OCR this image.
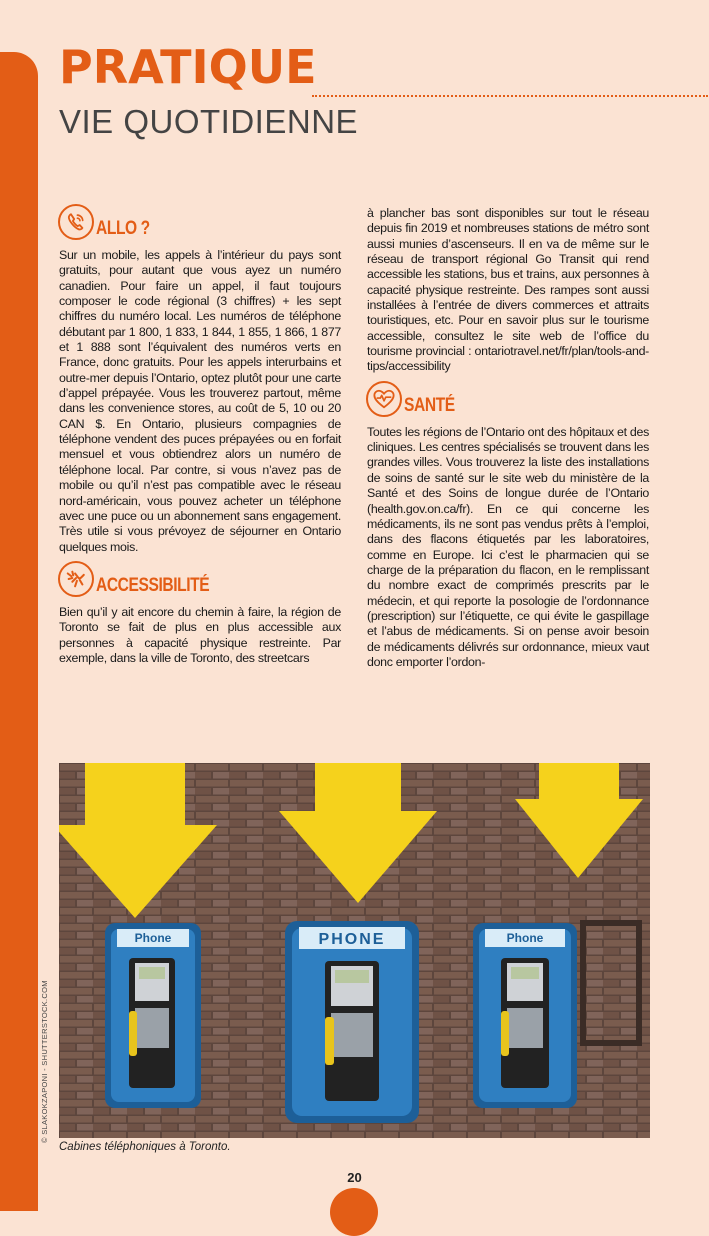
PRATIQUE
VIE QUOTIDIENNE
ALLO ?

Sur un mobile, les appels à l’intérieur du pays sont gratuits, pour autant que vous ayez un numéro canadien. Pour faire un appel, il faut toujours composer le code régional (3 chiffres) + les sept chiffres du numéro local. Les numéros de téléphone débutant par 1 800, 1 833, 1 844, 1 855, 1 866, 1 877 et 1 888 sont l’équivalent des numéros verts en France, donc gratuits. Pour les appels interurbains et outre-mer depuis l’Ontario, optez plutôt pour une carte d’appel prépayée. Vous les trouverez partout, même dans les convenience stores, au coût de 5, 10 ou 20 CAN $. En Ontario, plusieurs compagnies de téléphone vendent des puces prépayées ou en forfait mensuel et vous obtiendrez alors un numéro de téléphone local. Par contre, si vous n’avez pas de mobile ou qu’il n’est pas compatible avec le réseau nord-américain, vous pouvez acheter un téléphone avec une puce ou un abonnement sans engagement. Très utile si vous prévoyez de séjourner en Ontario quelques mois.

ACCESSIBILITÉ

Bien qu’il y ait encore du chemin à faire, la région de Toronto se fait de plus en plus accessible aux personnes à capacité physique restreinte. Par exemple, dans la ville de Toronto, des streetcars

à plancher bas sont disponibles sur tout le réseau depuis fin 2019 et nombreuses stations de métro sont aussi munies d’ascenseurs. Il en va de même sur le réseau de transport régional Go Transit qui rend accessible les stations, bus et trains, aux personnes à capacité physique restreinte. Des rampes sont aussi installées à l’entrée de divers commerces et attraits touristiques, etc. Pour en savoir plus sur le tourisme accessible, consultez le site web de l’office du tourisme provincial : ontariotravel.net/fr/plan/tools-and-tips/accessibility

SANTÉ

Toutes les régions de l’Ontario ont des hôpitaux et des cliniques. Les centres spécialisés se trouvent dans les grandes villes. Vous trouverez la liste des installations de soins de santé sur le site web du ministère de la Santé et des Soins de longue durée de l’Ontario (health.gov.on.ca/fr). En ce qui concerne les médicaments, ils ne sont pas vendus prêts à l’emploi, dans des flacons étiquetés par les laboratoires, comme en Europe. Ici c’est le pharmacien qui se charge de la préparation du flacon, en le remplissant du nombre exact de comprimés prescrits par le médecin, et qui reporte la posologie de l’ordonnance (prescription) sur l’étiquette, ce qui évite le gaspillage et l’abus de médicaments. Si on pense avoir besoin de médicaments délivrés sur ordonnance, mieux vaut donc emporter l’ordon-

Phone	PHONE	Phone
© SLAKOKZAPONI - SHUTTERSTOCK.COM
Cabines téléphoniques à Toronto.
20
